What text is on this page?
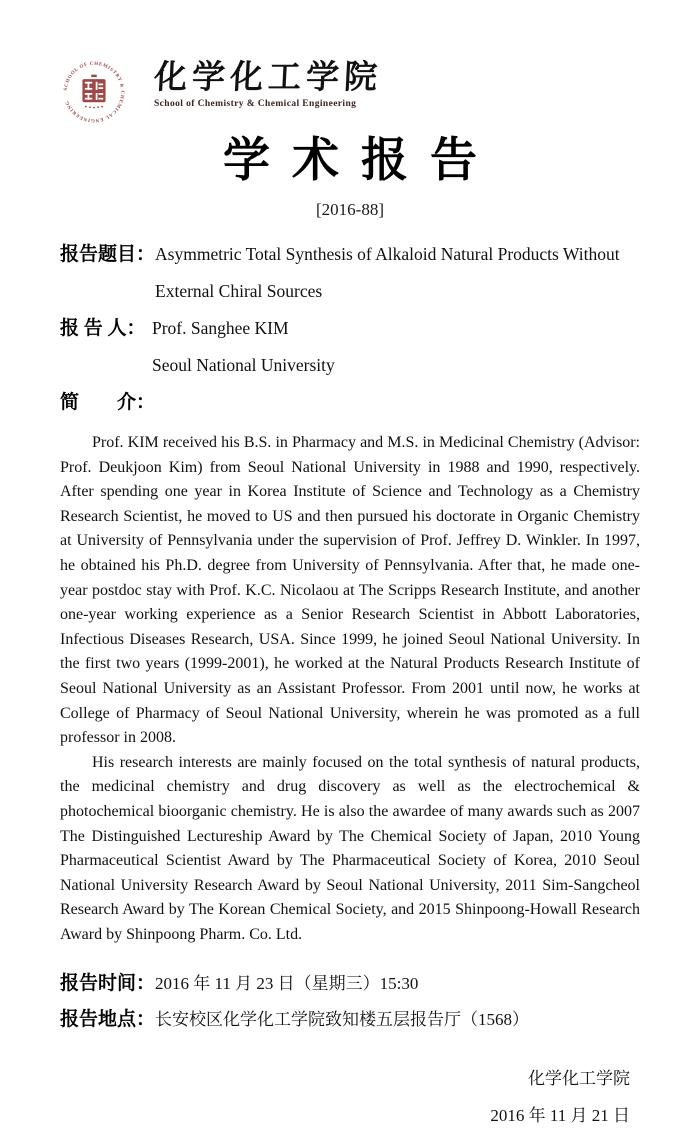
SCHOOL OF CHEMISTRY & CHEMICAL ENGINEERING
化学化工学院
School of Chemistry & Chemical Engineering
学术报告
[2016-88]
报告题目： Asymmetric Total Synthesis of Alkaloid Natural Products Without External Chiral Sources
报 告 人： Prof. Sanghee KIM
Seoul National University
简　　介：

Prof. KIM received his B.S. in Pharmacy and M.S. in Medicinal Chemistry (Advisor: Prof. Deukjoon Kim) from Seoul National University in 1988 and 1990, respectively. After spending one year in Korea Institute of Science and Technology as a Chemistry Research Scientist, he moved to US and then pursued his doctorate in Organic Chemistry at University of Pennsylvania under the supervision of Prof. Jeffrey D. Winkler. In 1997, he obtained his Ph.D. degree from University of Pennsylvania. After that, he made one-year postdoc stay with Prof. K.C. Nicolaou at The Scripps Research Institute, and another one-year working experience as a Senior Research Scientist in Abbott Laboratories, Infectious Diseases Research, USA. Since 1999, he joined Seoul National University. In the first two years (1999-2001), he worked at the Natural Products Research Institute of Seoul National University as an Assistant Professor. From 2001 until now, he works at College of Pharmacy of Seoul National University, wherein he was promoted as a full professor in 2008.

His research interests are mainly focused on the total synthesis of natural products, the medicinal chemistry and drug discovery as well as the electrochemical & photochemical bioorganic chemistry. He is also the awardee of many awards such as 2007 The Distinguished Lectureship Award by The Chemical Society of Japan, 2010 Young Pharmaceutical Scientist Award by The Pharmaceutical Society of Korea, 2010 Seoul National University Research Award by Seoul National University, 2011 Sim-Sangcheol Research Award by The Korean Chemical Society, and 2015 Shinpoong-Howall Research Award by Shinpoong Pharm. Co. Ltd.

报告时间： 2016 年 11 月 23 日（星期三）15:30
报告地点： 长安校区化学化工学院致知楼五层报告厅（1568）
化学化工学院
2016 年 11 月 21 日
